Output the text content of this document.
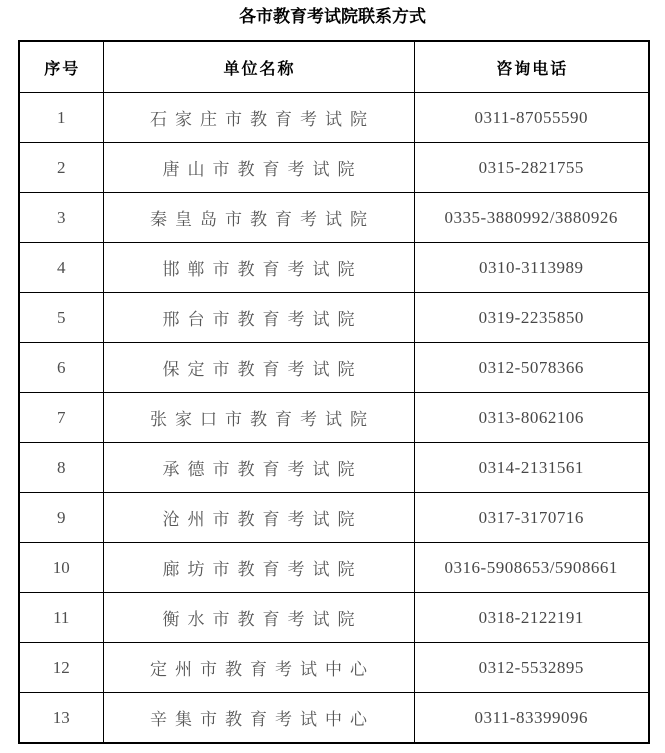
各市教育考试院联系方式
序号	单位名称	咨询电话
1	石家庄市教育考试院	0311-87055590
2	唐山市教育考试院	0315-2821755
3	秦皇岛市教育考试院	0335-3880992/3880926
4	邯郸市教育考试院	0310-3113989
5	邢台市教育考试院	0319-2235850
6	保定市教育考试院	0312-5078366
7	张家口市教育考试院	0313-8062106
8	承德市教育考试院	0314-2131561
9	沧州市教育考试院	0317-3170716
10	廊坊市教育考试院	0316-5908653/5908661
11	衡水市教育考试院	0318-2122191
12	定州市教育考试中心	0312-5532895
13	辛集市教育考试中心	0311-83399096
